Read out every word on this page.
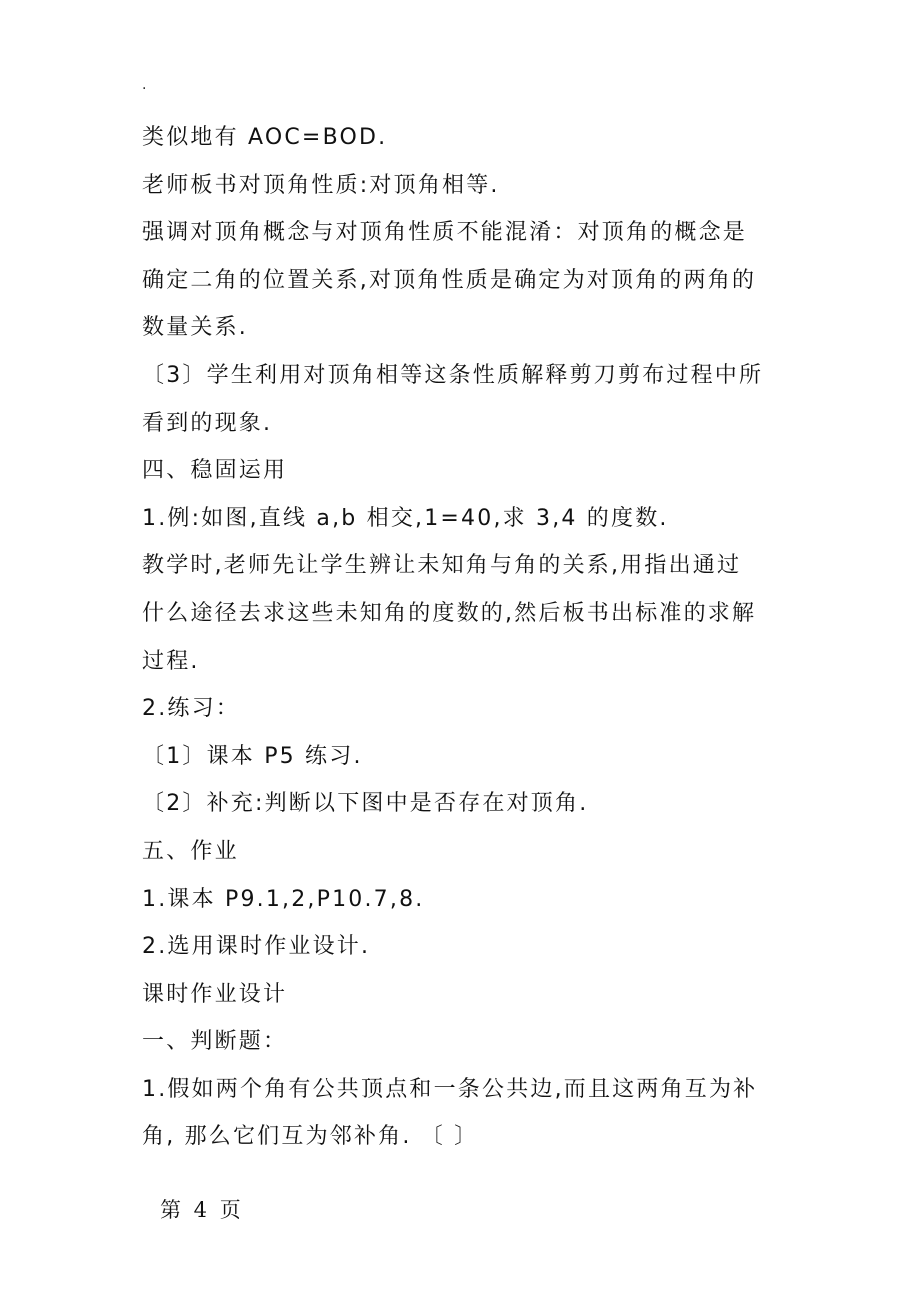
.
类似地有 AOC=BOD.
老师板书对顶角性质:对顶角相等.
强调对顶角概念与对顶角性质不能混淆：对顶角的概念是
确定二角的位置关系,对顶角性质是确定为对顶角的两角的
数量关系.
〔3〕学生利用对顶角相等这条性质解释剪刀剪布过程中所
看到的现象.
四、稳固运用
1.例:如图,直线 a,b 相交,1=40,求 3,4 的度数.
教学时,老师先让学生辨让未知角与角的关系,用指出通过
什么途径去求这些未知角的度数的,然后板书出标准的求解
过程.
2.练习：
〔1〕课本 P5 练习.
〔2〕补充:判断以下图中是否存在对顶角.
五、作业
1.课本 P9.1,2,P10.7,8.
2.选用课时作业设计.
课时作业设计
一、判断题：
1.假如两个角有公共顶点和一条公共边,而且这两角互为补
角, 那么它们互为邻补角. 〔 〕
第 4 页
